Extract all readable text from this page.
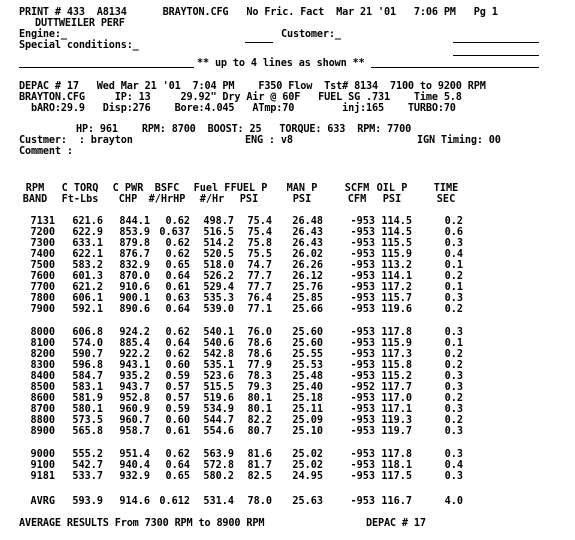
PRINT # 433  A8134      BRAYTON.CFG   No Fric. Fact  Mar 21 '01   7:06 PM   Pg 1
DUTTWEILER PERF
Engine:_	Customer:_
Special conditions:_
** up to 4 lines as shown **
DEPAC # 17   Wed Mar 21 '01  7:04 PM    F350 Flow  Tst# 8134  7100 to 9200 RPM
BRAYTON.CFG     IP: 13     29.92" Dry Air @ 60F   FUEL SG .731    Time 5.8
bARO:29.9   Disp:276    Bore:4.045   ATmp:70        inj:165    TURBO:70
HP: 961    RPM: 8700  BOOST: 25   TORQUE: 633  RPM: 7700
Custmer:  : brayton	ENG : v8	IGN Timing: 00
Comment :
RPM	C TORQ	C PWR	BSFC	Fuel F FUEL P	MAN P	SCFM OIL P	TIME
BAND	Ft-Lbs	CHP	#/HrHP	#/Hr	PSI	PSI	CFM	PSI	SEC
7131	621.6	844.1	0.62	498.7	75.4	26.48	-953 114.5	0.2
7200	622.9	853.9 0.637	516.5	75.4	26.43	-953 114.5	0.6
7300	633.1	879.8	0.62	514.2	75.8	26.43	-953 115.5	0.3
7400	622.1	876.7	0.62	520.5	75.5	26.02	-953 115.9	0.4
7500	583.2	832.9	0.65	518.0	74.7	26.26	-953 113.2	0.1
7600	601.3	870.0	0.64	526.2	77.7	26.12	-953 114.1	0.2
7700	621.2	910.6	0.61	529.4	77.7	25.76	-953 117.2	0.1
7800	606.1	900.1	0.63	535.3	76.4	25.85	-953 115.7	0.3
7900	592.1	890.6	0.64	539.0	77.1	25.66	-953 119.6	0.2
8000	606.8	924.2	0.62	540.1	76.0	25.60	-953 117.8	0.3
8100	574.0	885.4	0.64	540.6	78.6	25.60	-953 115.9	0.1
8200	590.7	922.2	0.62	542.8	78.6	25.55	-953 117.3	0.2
8300	596.8	943.1	0.60	535.1	77.9	25.53	-953 115.8	0.2
8400	584.7	935.2	0.59	523.6	78.3	25.48	-953 115.2	0.3
8500	583.1	943.7	0.57	515.5	79.3	25.40	-952 117.7	0.3
8600	581.9	952.8	0.57	519.6	80.1	25.18	-953 117.0	0.2
8700	580.1	960.9	0.59	534.9	80.1	25.11	-953 117.1	0.3
8800	573.5	960.7	0.60	544.7	82.2	25.09	-953 119.3	0.2
8900	565.8	958.7	0.61	554.6	80.7	25.10	-953 119.7	0.3
9000	555.2	951.4	0.62	563.9	81.6	25.02	-953 117.8	0.3
9100	542.7	940.4	0.64	572.8	81.7	25.02	-953 118.1	0.4
9181	533.7	932.9	0.65	580.2	82.5	24.95	-953 117.5	0.3
AVRG	593.9	914.6 0.612	531.4	78.0	25.63	-953 116.7	4.0
AVERAGE RESULTS From 7300 RPM to 8900 RPM	DEPAC # 17
